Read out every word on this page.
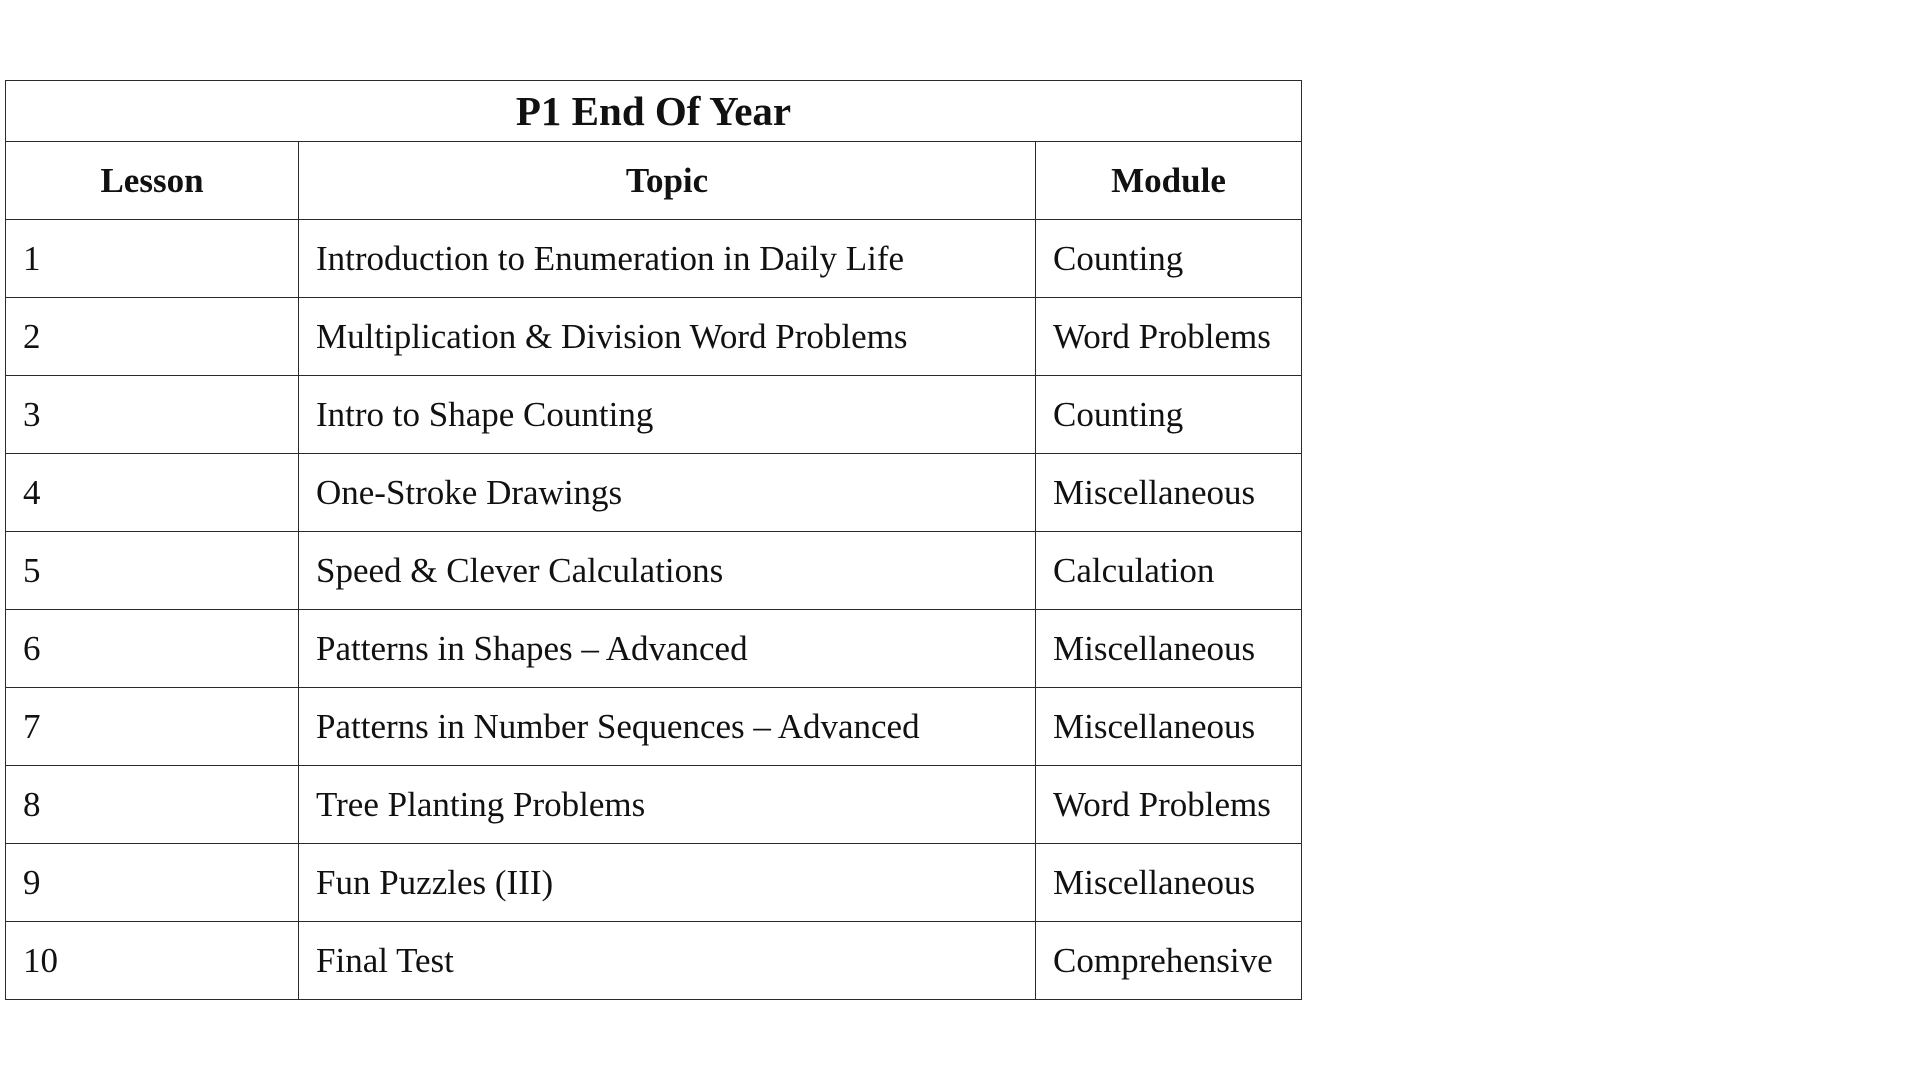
P1 End Of Year		
Lesson	Topic	Module
1	Introduction to Enumeration in Daily Life	Counting
2	Multiplication & Division Word Problems	Word Problems
3	Intro to Shape Counting	Counting
4	One-Stroke Drawings	Miscellaneous
5	Speed & Clever Calculations	Calculation
6	Patterns in Shapes – Advanced	Miscellaneous
7	Patterns in Number Sequences – Advanced	Miscellaneous
8	Tree Planting Problems	Word Problems
9	Fun Puzzles (III)	Miscellaneous
10	Final Test	Comprehensive
